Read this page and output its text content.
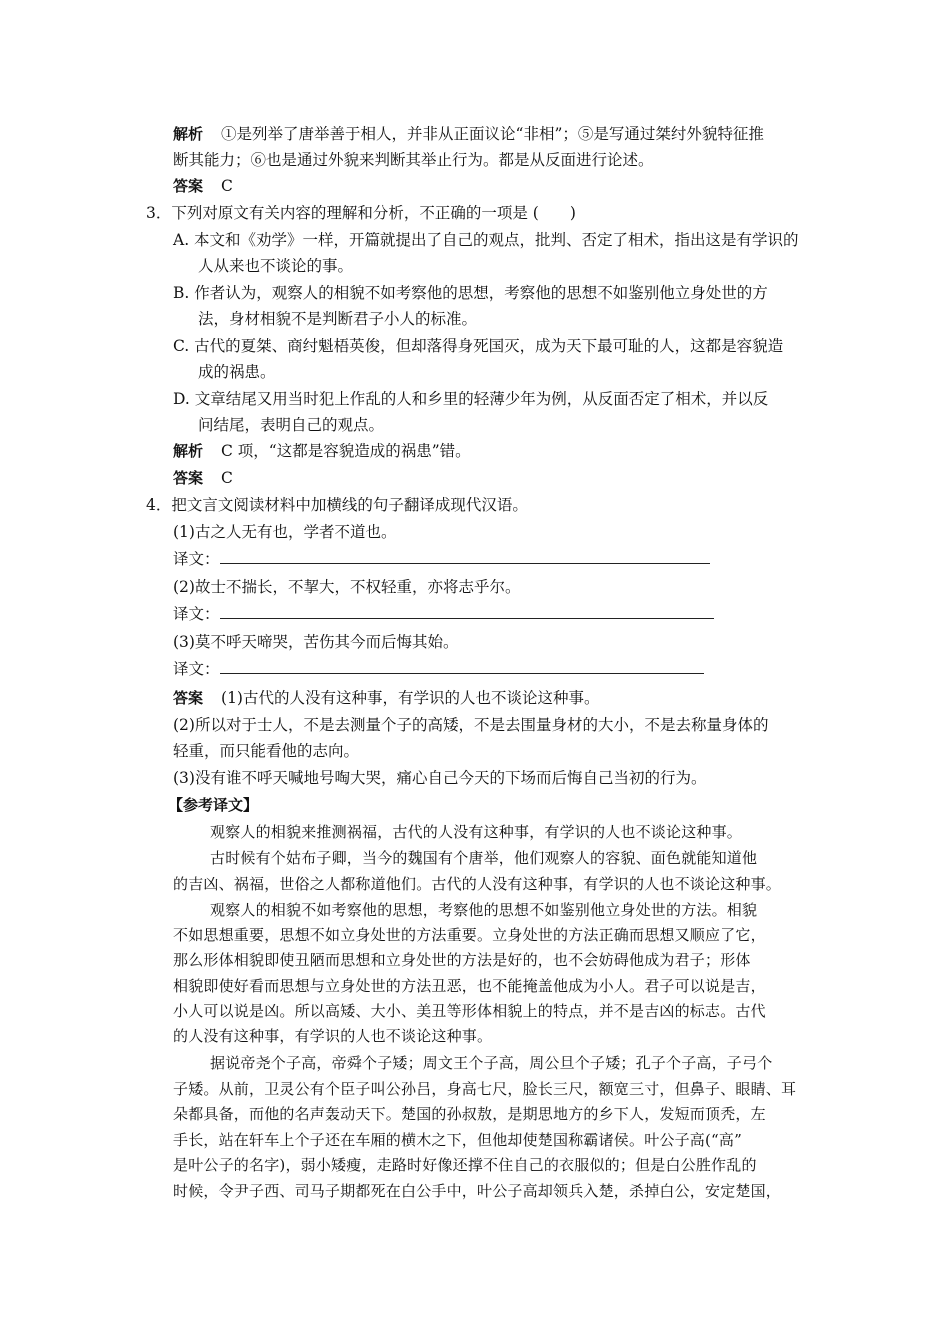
解析 ①是列举了唐举善于相人，并非从正面议论“非相”；⑤是写通过桀纣外貌特征推
断其能力；⑥也是通过外貌来判断其举止行为。都是从反面进行论述。
答案 C
3．下列对原文有关内容的理解和分析，不正确的一项是 (　　)
A. 本文和《劝学》一样，开篇就提出了自己的观点，批判、否定了相术，指出这是有学识的
人从来也不谈论的事。
B. 作者认为，观察人的相貌不如考察他的思想，考察他的思想不如鉴别他立身处世的方
法，身材相貌不是判断君子小人的标准。
C. 古代的夏桀、商纣魁梧英俊，但却落得身死国灭，成为天下最可耻的人，这都是容貌造
成的祸患。
D. 文章结尾又用当时犯上作乱的人和乡里的轻薄少年为例，从反面否定了相术，并以反
问结尾，表明自己的观点。
解析 C 项，“这都是容貌造成的祸患”错。
答案 C
4．把文言文阅读材料中加横线的句子翻译成现代汉语。
(1)古之人无有也，学者不道也。
译文：
(2)故士不揣长，不挈大，不权轻重，亦将志乎尔。
译文：
(3)莫不呼天啼哭，苦伤其今而后悔其始。
译文：
答案 (1)古代的人没有这种事，有学识的人也不谈论这种事。
(2)所以对于士人，不是去测量个子的高矮，不是去围量身材的大小，不是去称量身体的
轻重，而只能看他的志向。
(3)没有谁不呼天喊地号啕大哭，痛心自己今天的下场而后悔自己当初的行为。
【参考译文】
观察人的相貌来推测祸福，古代的人没有这种事，有学识的人也不谈论这种事。
古时候有个姑布子卿，当今的魏国有个唐举，他们观察人的容貌、面色就能知道他
的吉凶、祸福，世俗之人都称道他们。古代的人没有这种事，有学识的人也不谈论这种事。
观察人的相貌不如考察他的思想，考察他的思想不如鉴别他立身处世的方法。相貌
不如思想重要，思想不如立身处世的方法重要。立身处世的方法正确而思想又顺应了它，
那么形体相貌即使丑陋而思想和立身处世的方法是好的，也不会妨碍他成为君子；形体
相貌即使好看而思想与立身处世的方法丑恶，也不能掩盖他成为小人。君子可以说是吉，
小人可以说是凶。所以高矮、大小、美丑等形体相貌上的特点，并不是吉凶的标志。古代
的人没有这种事，有学识的人也不谈论这种事。
据说帝尧个子高，帝舜个子矮；周文王个子高，周公旦个子矮；孔子个子高，子弓个
子矮。从前，卫灵公有个臣子叫公孙吕，身高七尺，脸长三尺，额宽三寸，但鼻子、眼睛、耳
朵都具备，而他的名声轰动天下。楚国的孙叔敖，是期思地方的乡下人，发短而顶秃，左
手长，站在轩车上个子还在车厢的横木之下，但他却使楚国称霸诸侯。叶公子高(“高”
是叶公子的名字)，弱小矮瘦，走路时好像还撑不住自己的衣服似的；但是白公胜作乱的
时候，令尹子西、司马子期都死在白公手中，叶公子高却领兵入楚，杀掉白公，安定楚国，
